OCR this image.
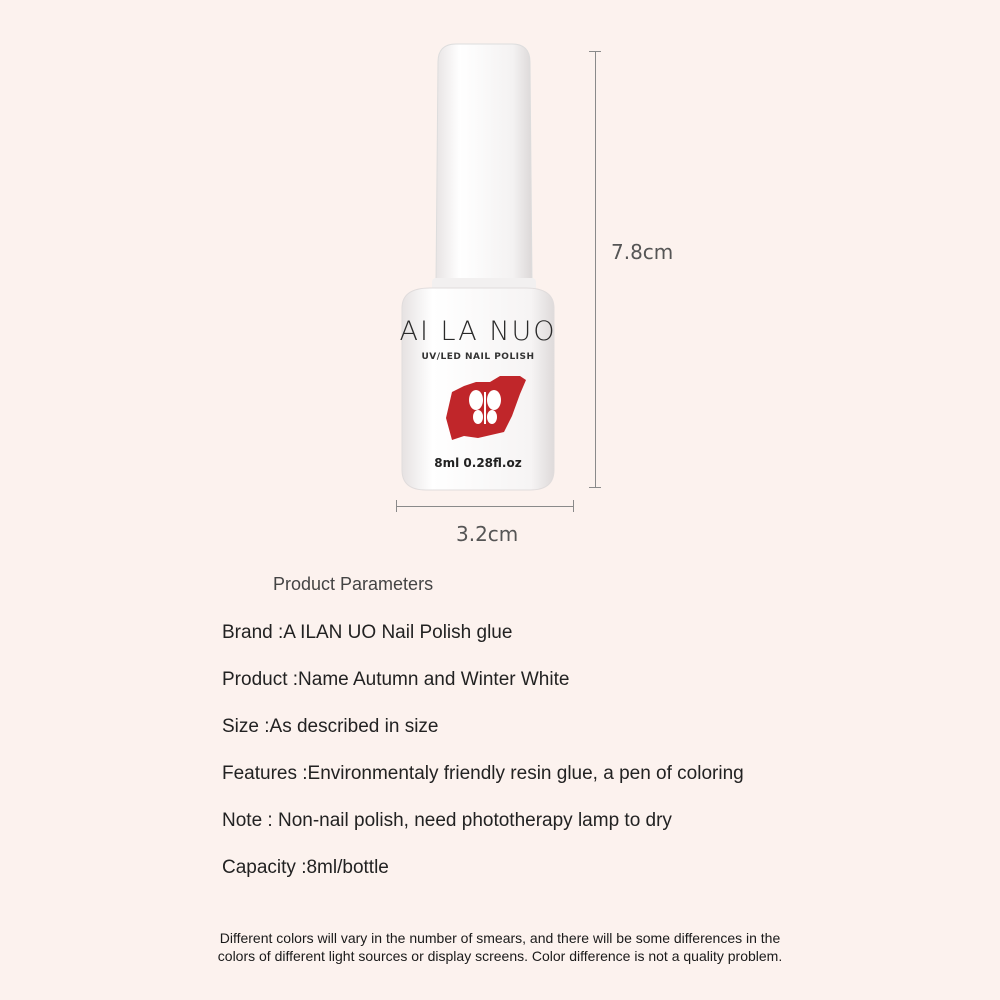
AI LA NUO
UV/LED NAIL POLISH
8ml 0.28fl.oz
7.8cm
3.2cm
Product Parameters
Brand :A ILAN UO Nail Polish glue
Product :Name Autumn and Winter White
Size :As described in size
Features :Environmentaly friendly resin glue, a pen of coloring
Note : Non-nail polish, need phototherapy lamp to dry
Capacity :8ml/bottle
Different colors will vary in the number of smears, and there will be some differences in the
colors of different light sources or display screens. Color difference is not a quality problem.
